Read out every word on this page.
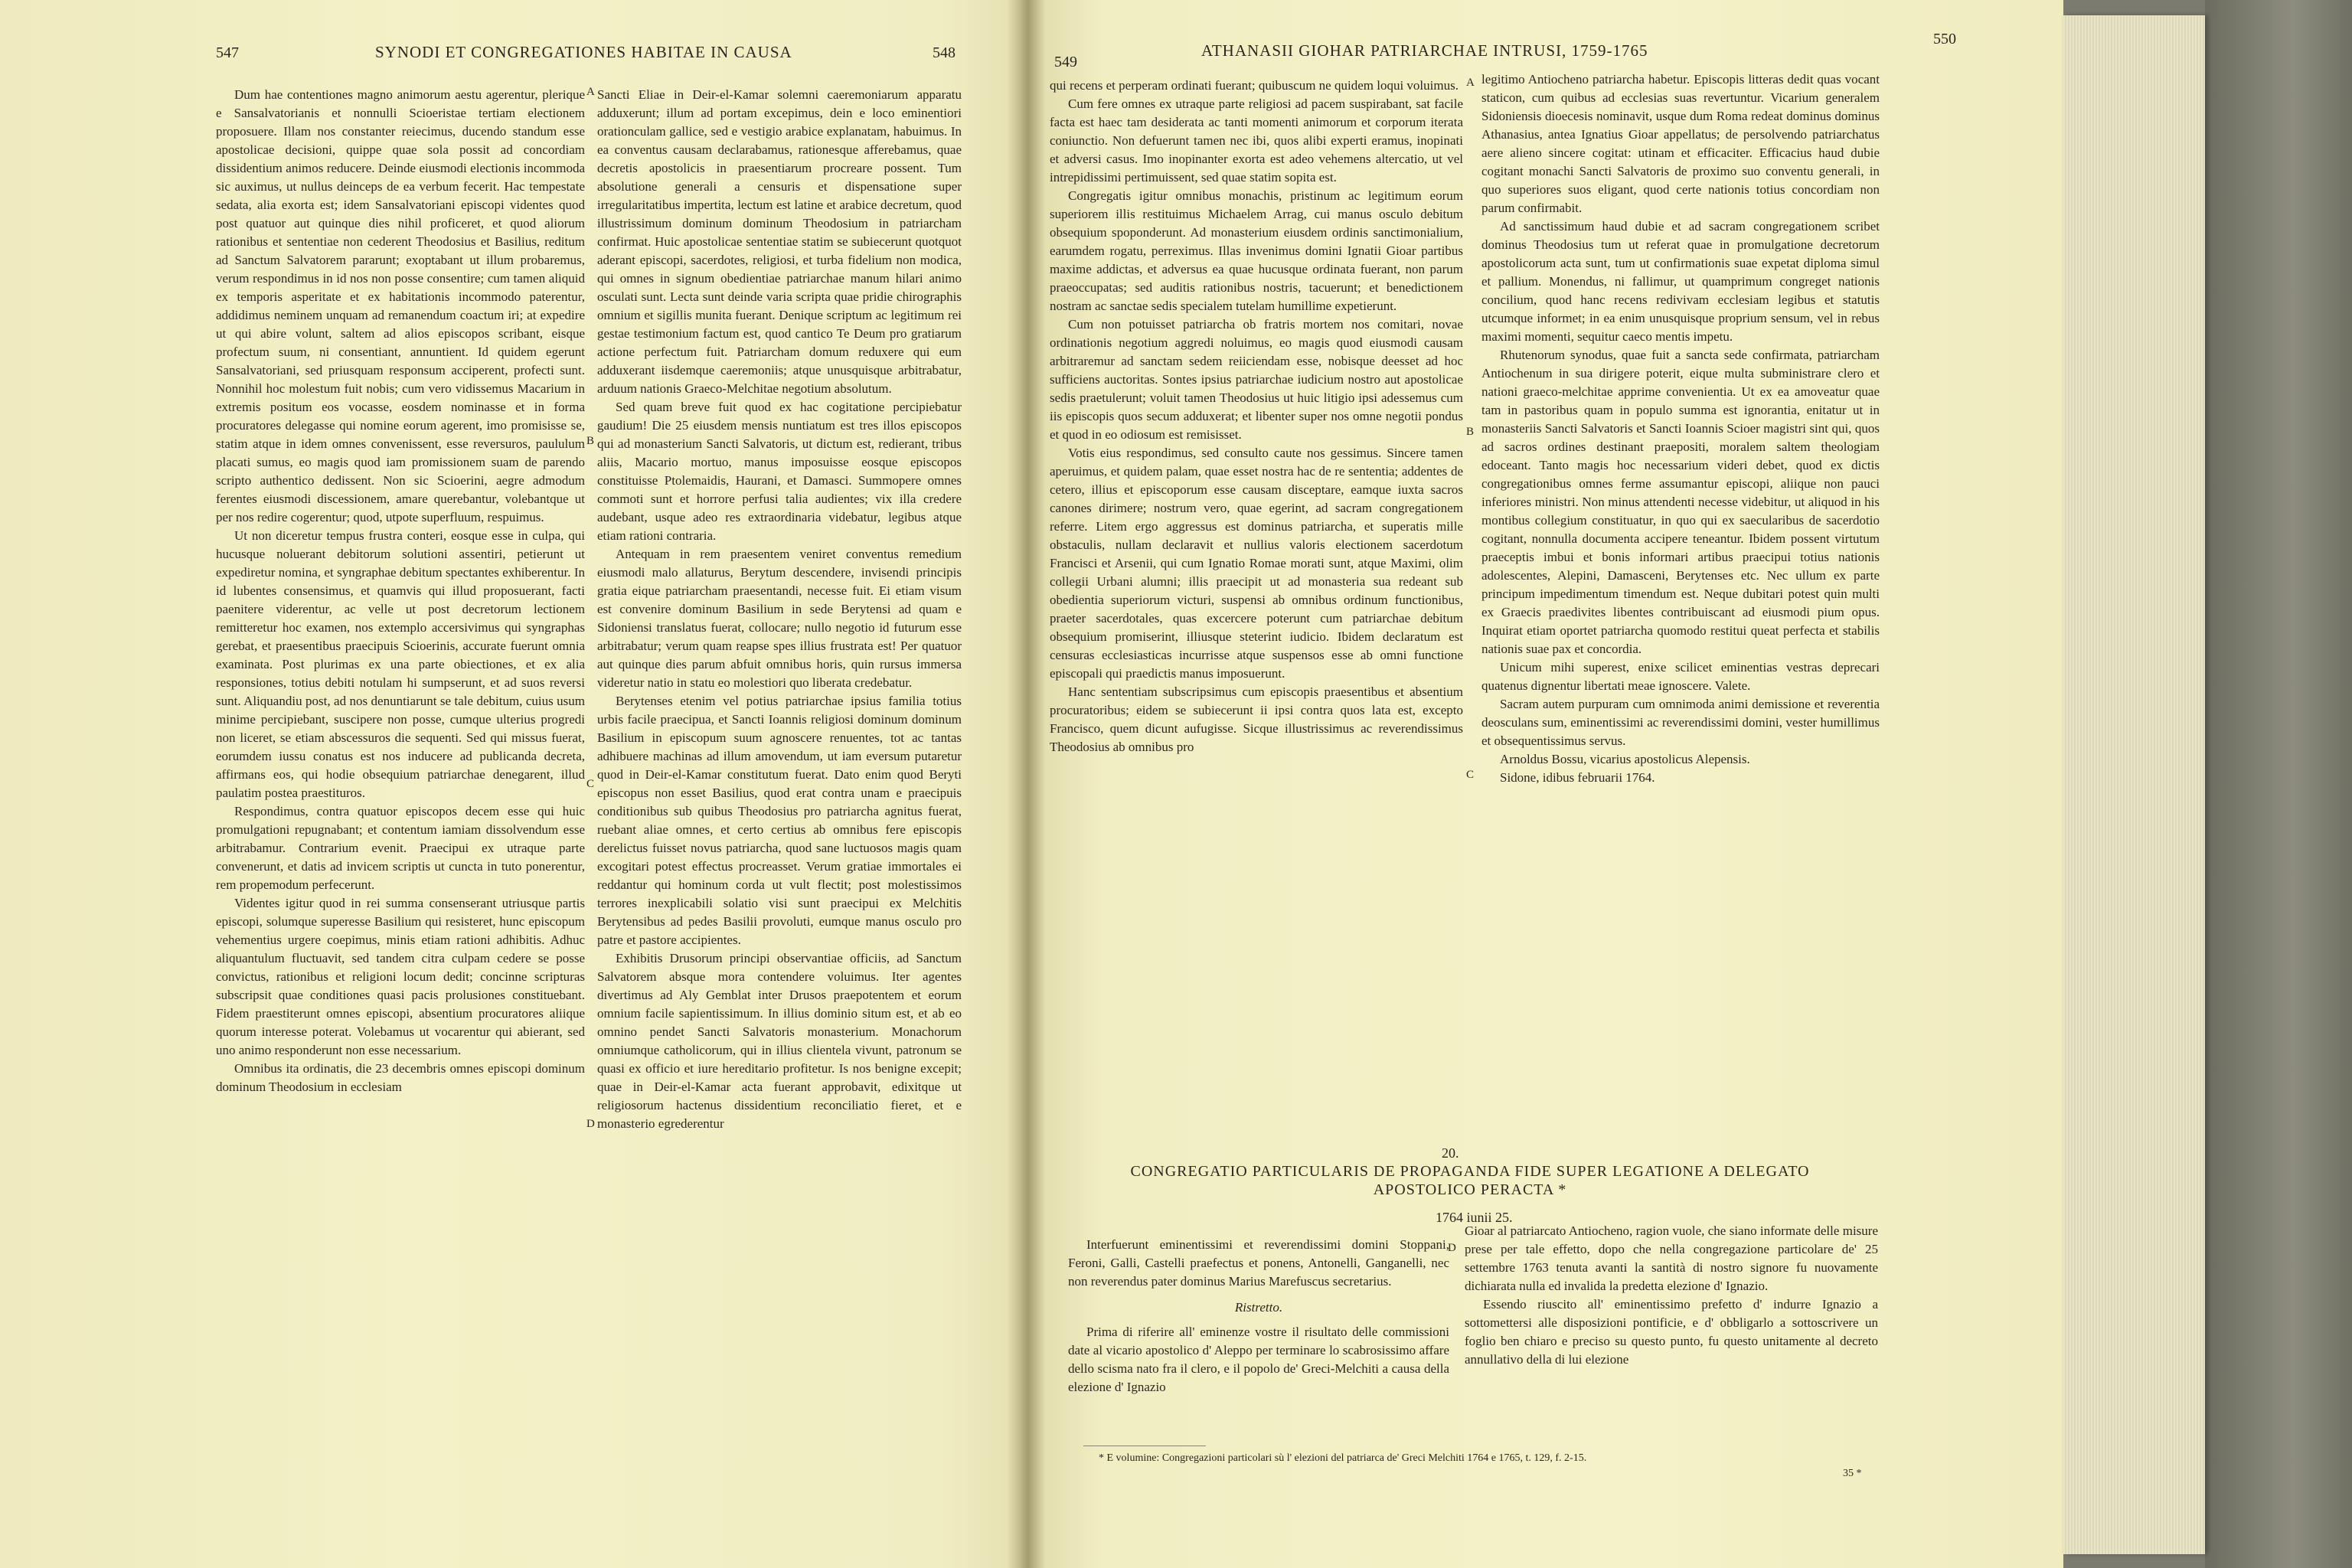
547	SYNODI ET CONGREGATIONES HABITAE IN CAUSA	548

Dum hae contentiones magno animorum aestu agerentur, plerique e Sansalvatorianis et nonnulli Scioeristae tertiam electionem proposuere. Illam nos constanter reiecimus, ducendo standum esse apostolicae decisioni, quippe quae sola possit ad concordiam dissidentium animos reducere. Deinde eiusmodi electionis incommoda sic auximus, ut nullus deinceps de ea verbum fecerit. Hac tempestate sedata, alia exorta est; idem Sansalvatoriani episcopi videntes quod post quatuor aut quinque dies nihil proficeret, et quod aliorum rationibus et sententiae non cederent Theodosius et Basilius, reditum ad Sanctum Salvatorem pararunt; exoptabant ut illum probaremus, verum respondimus in id nos non posse consentire; cum tamen aliquid ex temporis asperitate et ex habitationis incommodo paterentur, addidimus neminem unquam ad remanendum coactum iri; at expedire ut qui abire volunt, saltem ad alios episcopos scribant, eisque profectum suum, ni consentiant, annuntient. Id quidem egerunt Sansalvatoriani, sed priusquam responsum acciperent, profecti sunt. Nonnihil hoc molestum fuit nobis; cum vero vidissemus Macarium in extremis positum eos vocasse, eosdem nominasse et in forma procuratores delegasse qui nomine eorum agerent, imo promisisse se, statim atque in idem omnes convenissent, esse reversuros, paululum placati sumus, eo magis quod iam promissionem suam de parendo scripto authentico dedissent. Non sic Scioerini, aegre admodum ferentes eiusmodi discessionem, amare querebantur, volebantque ut per nos redire cogerentur; quod, utpote superfluum, respuimus.

Ut non diceretur tempus frustra conteri, eosque esse in culpa, qui hucusque noluerant debitorum solutioni assentiri, petierunt ut expediretur nomina, et syngraphae debitum spectantes exhiberentur. In id lubentes consensimus, et quamvis qui illud proposuerant, facti paenitere viderentur, ac velle ut post decretorum lectionem remitteretur hoc examen, nos extemplo accersivimus qui syngraphas gerebat, et praesentibus praecipuis Scioerinis, accurate fuerunt omnia examinata. Post plurimas ex una parte obiectiones, et ex alia responsiones, totius debiti notulam hi sumpserunt, et ad suos reversi sunt. Aliquandiu post, ad nos denuntiarunt se tale debitum, cuius usum minime percipiebant, suscipere non posse, cumque ulterius progredi non liceret, se etiam abscessuros die sequenti. Sed qui missus fuerat, eorumdem iussu conatus est nos inducere ad publicanda decreta, affirmans eos, qui hodie obsequium patriarchae denegarent, illud paulatim postea praestituros.

Respondimus, contra quatuor episcopos decem esse qui huic promulgationi repugnabant; et contentum iamiam dissolvendum esse arbitrabamur. Contrarium evenit. Praecipui ex utraque parte convenerunt, et datis ad invicem scriptis ut cuncta in tuto ponerentur, rem propemodum perfecerunt.

Videntes igitur quod in rei summa consenserant utriusque partis episcopi, solumque superesse Basilium qui resisteret, hunc episcopum vehementius urgere coepimus, minis etiam rationi adhibitis. Adhuc aliquantulum fluctuavit, sed tandem citra culpam cedere se posse convictus, rationibus et religioni locum dedit; concinne scripturas subscripsit quae conditiones quasi pacis prolusiones constituebant. Fidem praestiterunt omnes episcopi, absentium procuratores aliique quorum interesse poterat. Volebamus ut vocarentur qui abierant, sed uno animo responderunt non esse necessarium.

Omnibus ita ordinatis, die 23 decembris omnes episcopi dominum dominum Theodosium in ecclesiam

Sancti Eliae in Deir-el-Kamar solemni caeremoniarum apparatu adduxerunt; illum ad portam excepimus, dein e loco eminentiori orationculam gallice, sed e vestigio arabice explanatam, habuimus. In ea conventus causam declarabamus, rationesque afferebamus, quae decretis apostolicis in praesentiarum procreare possent. Tum absolutione generali a censuris et dispensatione super irregularitatibus impertita, lectum est latine et arabice decretum, quod illustrissimum dominum dominum Theodosium in patriarcham confirmat. Huic apostolicae sententiae statim se subiecerunt quotquot aderant episcopi, sacerdotes, religiosi, et turba fidelium non modica, qui omnes in signum obedientiae patriarchae manum hilari animo osculati sunt. Lecta sunt deinde varia scripta quae pridie chirographis omnium et sigillis munita fuerant. Denique scriptum ac legitimum rei gestae testimonium factum est, quod cantico Te Deum pro gratiarum actione perfectum fuit. Patriarcham domum reduxere qui eum adduxerant iisdemque caeremoniis; atque unusquisque arbitrabatur, arduum nationis Graeco-Melchitae negotium absolutum.

Sed quam breve fuit quod ex hac cogitatione percipiebatur gaudium! Die 25 eiusdem mensis nuntiatum est tres illos episcopos qui ad monasterium Sancti Salvatoris, ut dictum est, redierant, tribus aliis, Macario mortuo, manus imposuisse eosque episcopos constituisse Ptolemaidis, Haurani, et Damasci. Summopere omnes commoti sunt et horrore perfusi talia audientes; vix illa credere audebant, usque adeo res extraordinaria videbatur, legibus atque etiam rationi contraria.

Antequam in rem praesentem veniret conventus remedium eiusmodi malo allaturus, Berytum descendere, invisendi principis gratia eique patriarcham praesentandi, necesse fuit. Ei etiam visum est convenire dominum Basilium in sede Berytensi ad quam e Sidoniensi translatus fuerat, collocare; nullo negotio id futurum esse arbitrabatur; verum quam reapse spes illius frustrata est! Per quatuor aut quinque dies parum abfuit omnibus horis, quin rursus immersa videretur natio in statu eo molestiori quo liberata credebatur.

Berytenses etenim vel potius patriarchae ipsius familia totius urbis facile praecipua, et Sancti Ioannis religiosi dominum dominum Basilium in episcopum suum agnoscere renuentes, tot ac tantas adhibuere machinas ad illum amovendum, ut iam eversum putaretur quod in Deir-el-Kamar constitutum fuerat. Dato enim quod Beryti episcopus non esset Basilius, quod erat contra unam e praecipuis conditionibus sub quibus Theodosius pro patriarcha agnitus fuerat, ruebant aliae omnes, et certo certius ab omnibus fere episcopis derelictus fuisset novus patriarcha, quod sane luctuosos magis quam excogitari potest effectus procreasset. Verum gratiae immortales ei reddantur qui hominum corda ut vult flectit; post molestissimos terrores inexplicabili solatio visi sunt praecipui ex Melchitis Berytensibus ad pedes Basilii provoluti, eumque manus osculo pro patre et pastore accipientes.

Exhibitis Drusorum principi observantiae officiis, ad Sanctum Salvatorem absque mora contendere voluimus. Iter agentes divertimus ad Aly Gemblat inter Drusos praepotentem et eorum omnium facile sapientissimum. In illius dominio situm est, et ab eo omnino pendet Sancti Salvatoris monasterium. Monachorum omniumque catholicorum, qui in illius clientela vivunt, patronum se quasi ex officio et iure hereditario profitetur. Is nos benigne excepit; quae in Deir-el-Kamar acta fuerant approbavit, edixitque ut religiosorum hactenus dissidentium reconciliatio fieret, et e monasterio egrederentur

A
B
C
D
549
ATHANASII GIOHAR PATRIARCHAE INTRUSI, 1759-1765
550

qui recens et perperam ordinati fuerant; quibuscum ne quidem loqui voluimus.

Cum fere omnes ex utraque parte religiosi ad pacem suspirabant, sat facile facta est haec tam desiderata ac tanti momenti animorum et corporum iterata coniunctio. Non defuerunt tamen nec ibi, quos alibi experti eramus, inopinati et adversi casus. Imo inopinanter exorta est adeo vehemens altercatio, ut vel intrepidissimi pertimuissent, sed quae statim sopita est.

Congregatis igitur omnibus monachis, pristinum ac legitimum eorum superiorem illis restituimus Michaelem Arrag, cui manus osculo debitum obsequium spoponderunt. Ad monasterium eiusdem ordinis sanctimonialium, earumdem rogatu, perreximus. Illas invenimus domini Ignatii Gioar partibus maxime addictas, et adversus ea quae hucusque ordinata fuerant, non parum praeoccupatas; sed auditis rationibus nostris, tacuerunt; et benedictionem nostram ac sanctae sedis specialem tutelam humillime expetierunt.

Cum non potuisset patriarcha ob fratris mortem nos comitari, novae ordinationis negotium aggredi noluimus, eo magis quod eiusmodi causam arbitraremur ad sanctam sedem reiiciendam esse, nobisque deesset ad hoc sufficiens auctoritas. Sontes ipsius patriarchae iudicium nostro aut apostolicae sedis praetulerunt; voluit tamen Theodosius ut huic litigio ipsi adessemus cum iis episcopis quos secum adduxerat; et libenter super nos omne negotii pondus et quod in eo odiosum est remisisset.

Votis eius respondimus, sed consulto caute nos gessimus. Sincere tamen aperuimus, et quidem palam, quae esset nostra hac de re sententia; addentes de cetero, illius et episcoporum esse causam disceptare, eamque iuxta sacros canones dirimere; nostrum vero, quae egerint, ad sacram congregationem referre. Litem ergo aggressus est dominus patriarcha, et superatis mille obstaculis, nullam declaravit et nullius valoris electionem sacerdotum Francisci et Arsenii, qui cum Ignatio Romae morati sunt, atque Maximi, olim collegii Urbani alumni; illis praecipit ut ad monasteria sua redeant sub obedientia superiorum victuri, suspensi ab omnibus ordinum functionibus, praeter sacerdotales, quas excercere poterunt cum patriarchae debitum obsequium promiserint, illiusque steterint iudicio. Ibidem declaratum est censuras ecclesiasticas incurrisse atque suspensos esse ab omni functione episcopali qui praedictis manus imposuerunt.

Hanc sententiam subscripsimus cum episcopis praesentibus et absentium procuratoribus; eidem se subiecerunt ii ipsi contra quos lata est, excepto Francisco, quem dicunt aufugisse. Sicque illustrissimus ac reverendissimus Theodosius ab omnibus pro

legitimo Antiocheno patriarcha habetur. Episcopis litteras dedit quas vocant staticon, cum quibus ad ecclesias suas revertuntur. Vicarium generalem Sidoniensis dioecesis nominavit, usque dum Roma redeat dominus dominus Athanasius, antea Ignatius Gioar appellatus; de persolvendo patriarchatus aere alieno sincere cogitat: utinam et efficaciter. Efficacius haud dubie cogitant monachi Sancti Salvatoris de proximo suo conventu generali, in quo superiores suos eligant, quod certe nationis totius concordiam non parum confirmabit.

Ad sanctissimum haud dubie et ad sacram congregationem scribet dominus Theodosius tum ut referat quae in promulgatione decretorum apostolicorum acta sunt, tum ut confirmationis suae expetat diploma simul et pallium. Monendus, ni fallimur, ut quamprimum congreget nationis concilium, quod hanc recens redivivam ecclesiam legibus et statutis utcumque informet; in ea enim unusquisque proprium sensum, vel in rebus maximi momenti, sequitur caeco mentis impetu.

Rhutenorum synodus, quae fuit a sancta sede confirmata, patriarcham Antiochenum in sua dirigere poterit, eique multa subministrare clero et nationi graeco-melchitae apprime convenientia. Ut ex ea amoveatur quae tam in pastoribus quam in populo summa est ignorantia, enitatur ut in monasteriis Sancti Salvatoris et Sancti Ioannis Scioer magistri sint qui, quos ad sacros ordines destinant praepositi, moralem saltem theologiam edoceant. Tanto magis hoc necessarium videri debet, quod ex dictis congregationibus omnes ferme assumantur episcopi, aliique non pauci inferiores ministri. Non minus attendenti necesse videbitur, ut aliquod in his montibus collegium constituatur, in quo qui ex saecularibus de sacerdotio cogitant, nonnulla documenta accipere teneantur. Ibidem possent virtutum praeceptis imbui et bonis informari artibus praecipui totius nationis adolescentes, Alepini, Damasceni, Berytenses etc. Nec ullum ex parte principum impedimentum timendum est. Neque dubitari potest quin multi ex Graecis praedivites libentes contribuiscant ad eiusmodi pium opus. Inquirat etiam oportet patriarcha quomodo restitui queat perfecta et stabilis nationis suae pax et concordia.

Unicum mihi superest, enixe scilicet eminentias vestras deprecari quatenus dignentur libertati meae ignoscere. Valete.

Sacram autem purpuram cum omnimoda animi demissione et reverentia deosculans sum, eminentissimi ac reverendissimi domini, vester humillimus et obsequentissimus servus.

Arnoldus Bossu, vicarius apostolicus Alepensis.

Sidone, idibus februarii 1764.

A
B
C
D
20.
CONGREGATIO PARTICULARIS DE PROPAGANDA FIDE SUPER LEGATIONE A DELEGATO
APOSTOLICO PERACTA *
1764 iunii 25.

Interfuerunt eminentissimi et reverendissimi domini Stoppani, Feroni, Galli, Castelli praefectus et ponens, Antonelli, Ganganelli, nec non reverendus pater dominus Marius Marefuscus secretarius.

Ristretto.

Prima di riferire all' eminenze vostre il risultato delle commissioni date al vicario apostolico d' Aleppo per terminare lo scabrosissimo affare dello scisma nato fra il clero, e il popolo de' Greci-Melchiti a causa della elezione d' Ignazio

Gioar al patriarcato Antiocheno, ragion vuole, che siano informate delle misure prese per tale effetto, dopo che nella congregazione particolare de' 25 settembre 1763 tenuta avanti la santità di nostro signore fu nuovamente dichiarata nulla ed invalida la predetta elezione d' Ignazio.

Essendo riuscito all' eminentissimo prefetto d' indurre Ignazio a sottomettersi alle disposizioni pontificie, e d' obbligarlo a sottoscrivere un foglio ben chiaro e preciso su questo punto, fu questo unitamente al decreto annullativo della di lui elezione

* E volumine: Congregazioni particolari sù l' elezioni del patriarca de' Greci Melchiti 1764 e 1765, t. 129, f. 2-15.
35 *
